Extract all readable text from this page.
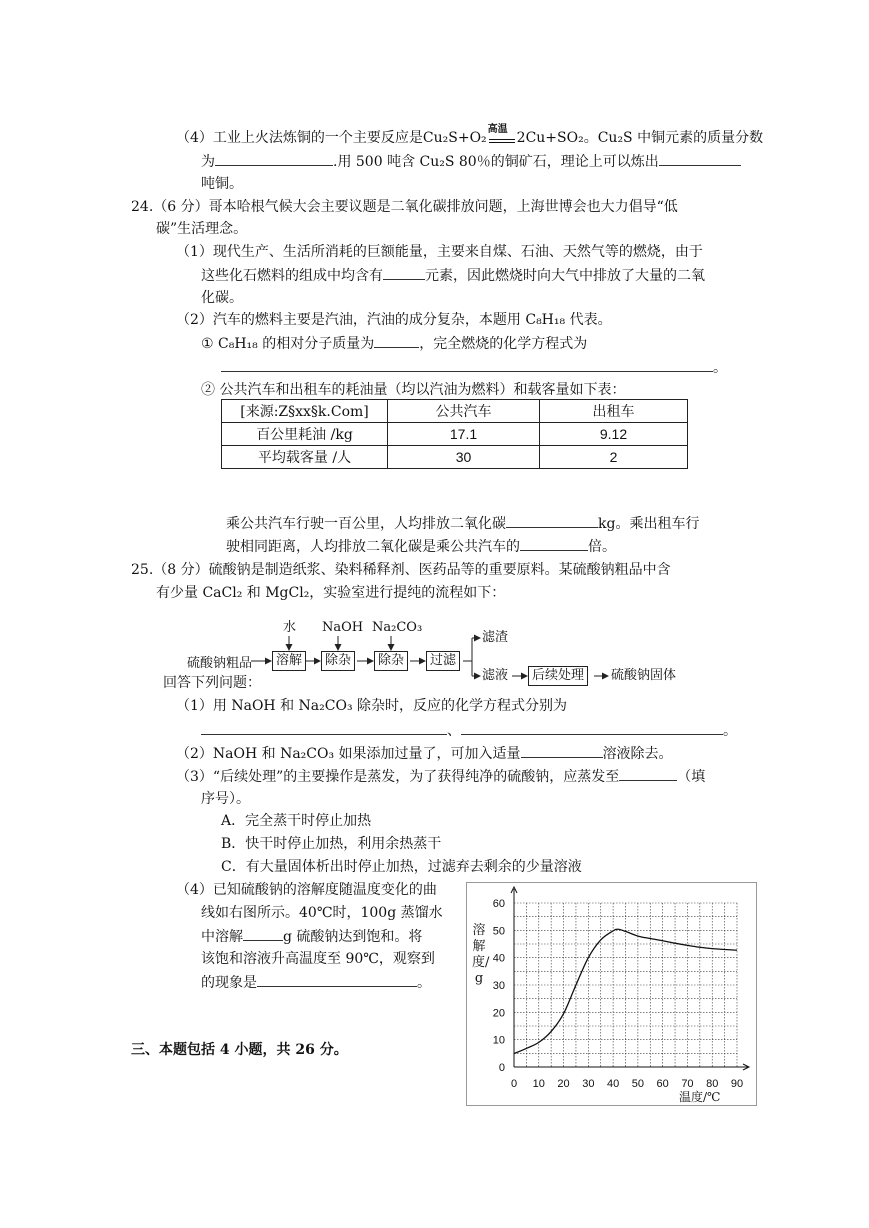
（4）工业上火法炼铜的一个主要反应是Cu₂S+O₂
高温
2Cu+SO₂。Cu₂S 中铜元素的质量分数
为	.用 500 吨含 Cu₂S 80％的铜矿石，理论上可以炼出
吨铜。
24.（6 分）哥本哈根气候大会主要议题是二氧化碳排放问题，上海世博会也大力倡导“低
碳”生活理念。
（1）现代生产、生活所消耗的巨额能量，主要来自煤、石油、天然气等的燃烧，由于
这些化石燃料的组成中均含有	元素，因此燃烧时向大气中排放了大量的二氧
化碳。
（2）汽车的燃料主要是汽油，汽油的成分复杂，本题用 C₈H₁₈ 代表。
① C₈H₁₈ 的相对分子质量为	，完全燃烧的化学方程式为
。
② 公共汽车和出租车的耗油量（均以汽油为燃料）和载客量如下表：
[来源:Z§xx§k.Com]	公共汽车	出租车
百公里耗油 /kg	17.1	9.12
平均载客量 /人	30	2
乘公共汽车行驶一百公里，人均排放二氧化碳	kg。乘出租车行
驶相同距离，人均排放二氧化碳是乘公共汽车的	倍。
25.（8 分）硫酸钠是制造纸浆、染料稀释剂、医药品等的重要原料。某硫酸钠粗品中含
有少量 CaCl₂ 和 MgCl₂，实验室进行提纯的流程如下：
硫酸钠粗品
水 NaOH Na₂CO₃
溶解	除杂	除杂	过滤
滤渣
滤液	后续处理	硫酸钠固体
回答下列问题：
（1）用 NaOH 和 Na₂CO₃ 除杂时，反应的化学方程式分别为
、	。
（2）NaOH 和 Na₂CO₃ 如果添加过量了，可加入适量	溶液除去。
（3）“后续处理”的主要操作是蒸发，为了获得纯净的硫酸钠，应蒸发至	（填
序号）。
A．完全蒸干时停止加热
B．快干时停止加热，利用余热蒸干
C．有大量固体析出时停止加热，过滤弃去剩余的少量溶液
（4）已知硫酸钠的溶解度随温度变化的曲
线如右图所示。40℃时，100g 蒸馏水
中溶解	g 硫酸钠达到饱和。将
该饱和溶液升高温度至 90℃，观察到
的现象是	。
0 10 20 30 40 50 60 70 80 90
0
10
20
30
40
50
60
溶解度/g
温度/℃
三、本题包括 4 小题，共 26 分。
